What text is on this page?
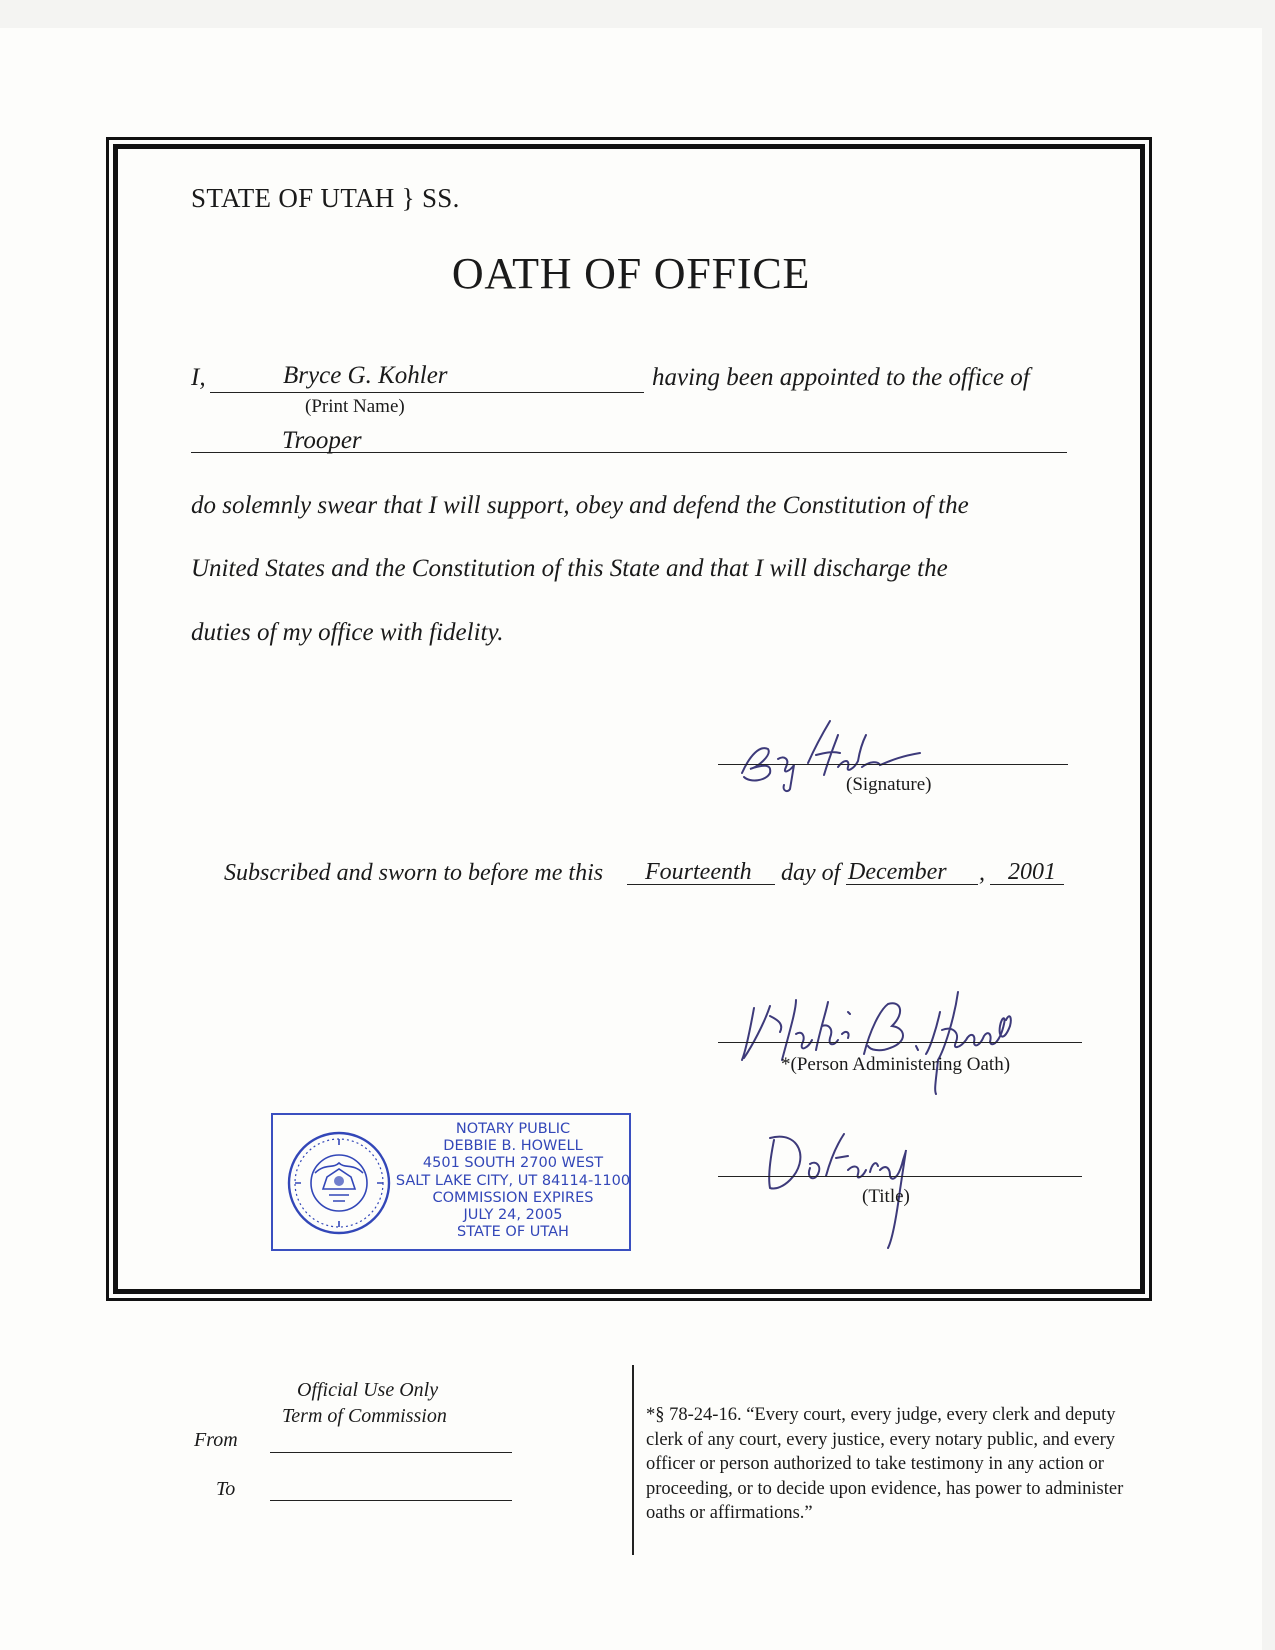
STATE OF UTAH } SS.
OATH OF OFFICE
I,	Bryce G. Kohler	having been appointed to the office of
(Print Name)
Trooper
do solemnly swear that I will support, obey and defend the Constitution of the
United States and the Constitution of this State and that I will discharge the
duties of my office with fidelity.
(Signature)
Subscribed and sworn to before me this Fourteenth day of December , 2001
*(Person Administering Oath)
(Title)
NOTARY PUBLIC
DEBBIE B. HOWELL
4501 SOUTH 2700 WEST
SALT LAKE CITY, UT 84114-1100
COMMISSION EXPIRES
JULY 24, 2005
STATE OF UTAH
Official Use Only
Term of Commission
From
To
*§ 78-24-16. “Every court, every judge, every clerk and deputy clerk of any court, every justice, every notary public, and every officer or person authorized to take testimony in any action or proceeding, or to decide upon evidence, has power to administer oaths or affirmations.”
